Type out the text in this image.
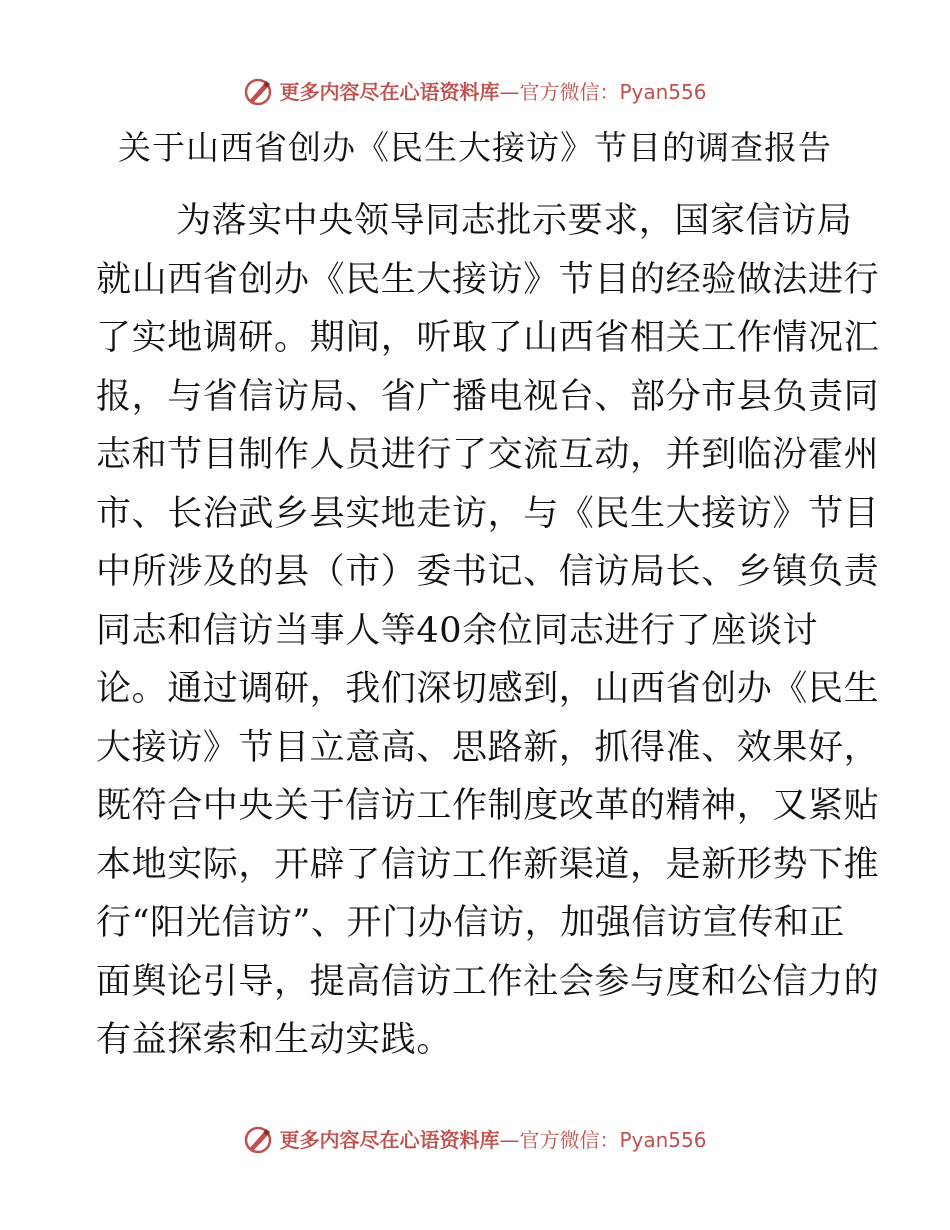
更多内容尽在心语资料库 —官方微信：Pyan556
关于山西省创办《民生大接访》节目的调查报告
为落实中央领导同志批示要求，国家信访局
就山西省创办《民生大接访》节目的经验做法进行
了实地调研。期间，听取了山西省相关工作情况汇
报，与省信访局、省广播电视台、部分市县负责同
志和节目制作人员进行了交流互动，并到临汾霍州
市、长治武乡县实地走访，与《民生大接访》节目
中所涉及的县（市）委书记、信访局长、乡镇负责
同志和信访当事人等40余位同志进行了座谈讨
论。通过调研，我们深切感到，山西省创办《民生
大接访》节目立意高、思路新，抓得准、效果好，
既符合中央关于信访工作制度改革的精神，又紧贴
本地实际，开辟了信访工作新渠道，是新形势下推
行“阳光信访”、开门办信访，加强信访宣传和正
面舆论引导，提高信访工作社会参与度和公信力的
有益探索和生动实践。
更多内容尽在心语资料库 —官方微信：Pyan556
